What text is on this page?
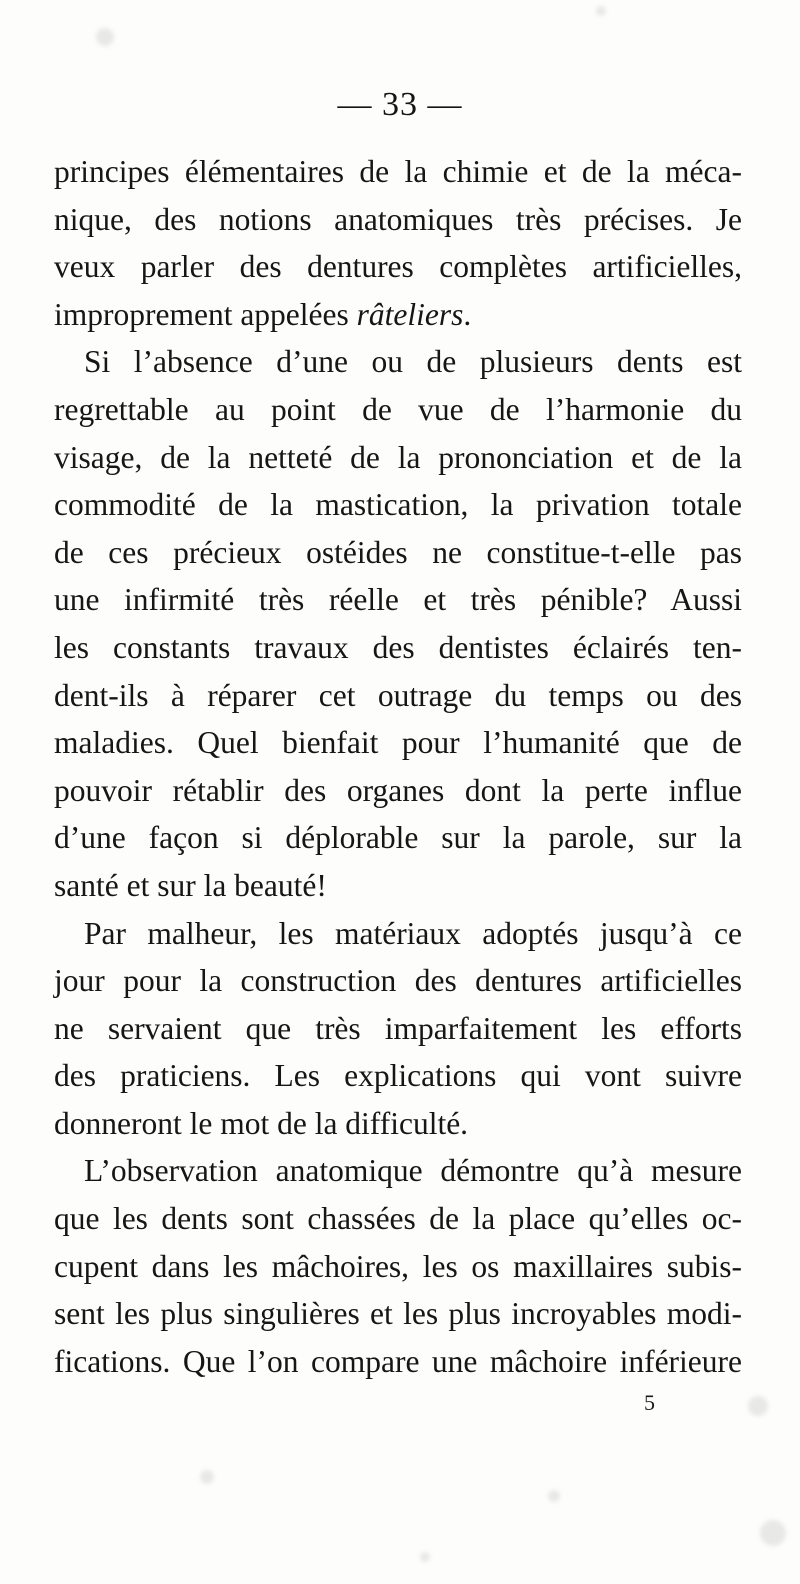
— 33 —
principes élémentaires de la chimie et de la méca-
nique, des notions anatomiques très précises. Je
veux parler des dentures complètes artificielles,
improprement appelées râteliers.
Si l’absence d’une ou de plusieurs dents est
regrettable au point de vue de l’harmonie du
visage, de la netteté de la prononciation et de la
commodité de la mastication, la privation totale
de ces précieux ostéides ne constitue-t-elle pas
une infirmité très réelle et très pénible? Aussi
les constants travaux des dentistes éclairés ten-
dent-ils à réparer cet outrage du temps ou des
maladies. Quel bienfait pour l’humanité que de
pouvoir rétablir des organes dont la perte influe
d’une façon si déplorable sur la parole, sur la
santé et sur la beauté!
Par malheur, les matériaux adoptés jusqu’à ce
jour pour la construction des dentures artificielles
ne servaient que très imparfaitement les efforts
des praticiens. Les explications qui vont suivre
donneront le mot de la difficulté.
L’observation anatomique démontre qu’à mesure
que les dents sont chassées de la place qu’elles oc-
cupent dans les mâchoires, les os maxillaires subis-
sent les plus singulières et les plus incroyables modi-
fications. Que l’on compare une mâchoire inférieure
5
